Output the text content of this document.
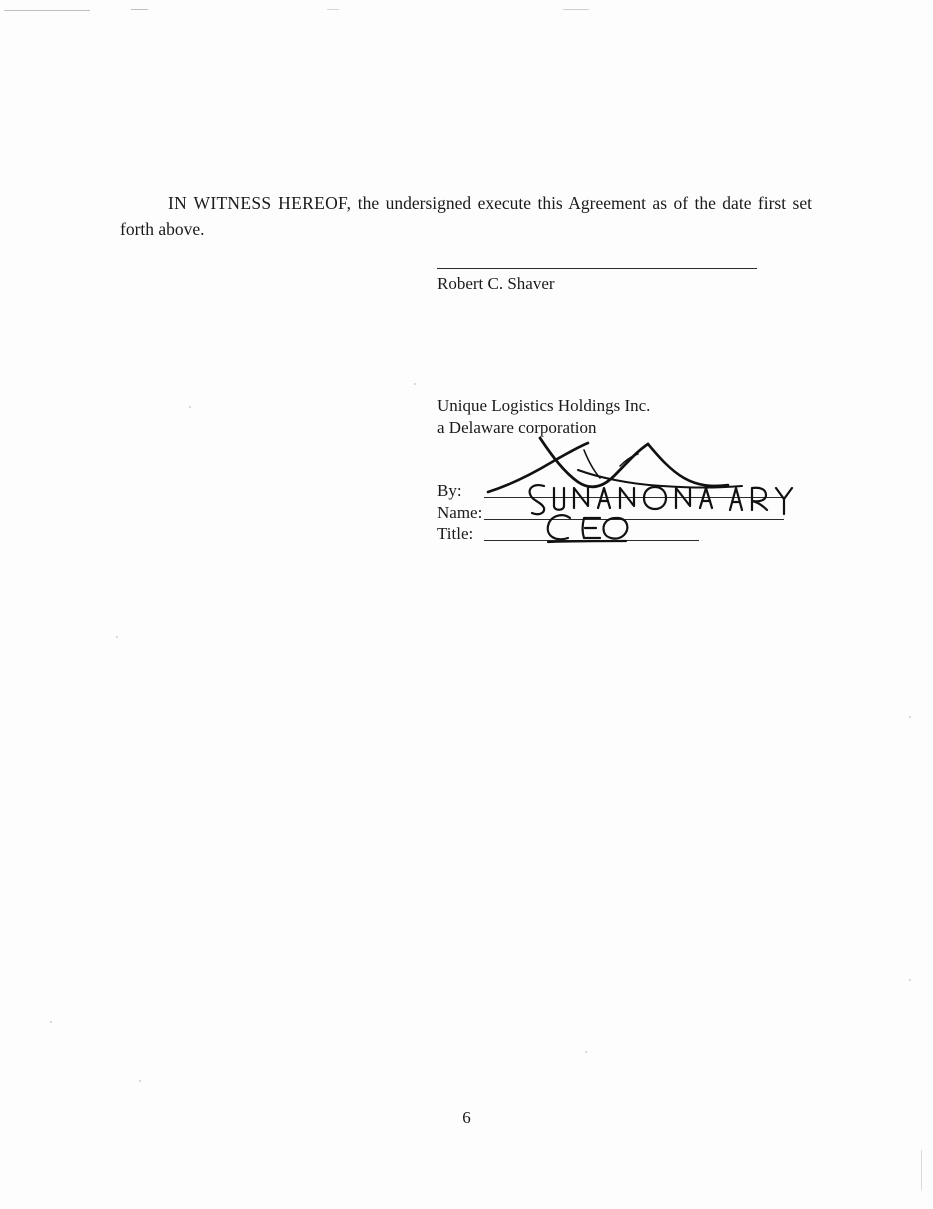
IN WITNESS HEREOF, the undersigned execute this Agreement as of the date first set forth above.

Robert C. Shaver
Unique Logistics Holdings Inc.
a Delaware corporation
By:
Name:
Title:
6
